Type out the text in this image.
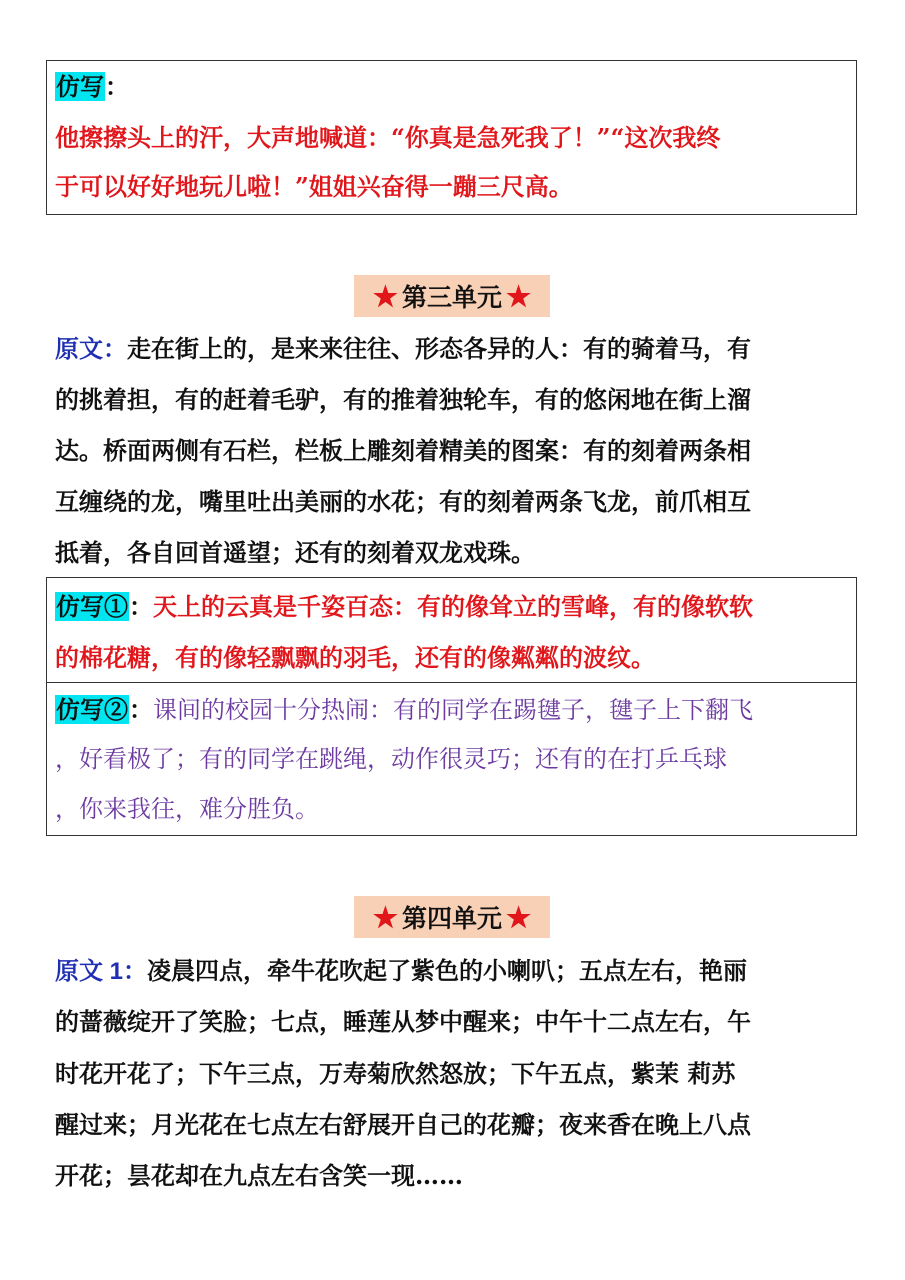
仿写：

他擦擦头上的汗，大声地喊道：“你真是急死我了！”“这次我终

于可以好好地玩儿啦！”姐姐兴奋得一蹦三尺高。

★ 第三单元 ★

原文：走在街上的，是来来往往、形态各异的人：有的骑着马，有

的挑着担，有的赶着毛驴，有的推着独轮车，有的悠闲地在街上溜

达。桥面两侧有石栏，栏板上雕刻着精美的图案：有的刻着两条相

互缠绕的龙，嘴里吐出美丽的水花；有的刻着两条飞龙，前爪相互

抵着，各自回首遥望；还有的刻着双龙戏珠。

仿写①：天上的云真是千姿百态：有的像耸立的雪峰，有的像软软

的棉花糖，有的像轻飘飘的羽毛，还有的像粼粼的波纹。

仿写②：课间的校园十分热闹：有的同学在踢毽子，毽子上下翻飞

，好看极了；有的同学在跳绳，动作很灵巧；还有的在打乒乓球

，你来我往，难分胜负。

★ 第四单元 ★

原文 1：凌晨四点，牵牛花吹起了紫色的小喇叭；五点左右，艳丽

的蔷薇绽开了笑脸；七点，睡莲从梦中醒来；中午十二点左右，午

时花开花了；下午三点，万寿菊欣然怒放；下午五点，紫茉 莉苏

醒过来；月光花在七点左右舒展开自己的花瓣；夜来香在晚上八点

开花；昙花却在九点左右含笑一现……
